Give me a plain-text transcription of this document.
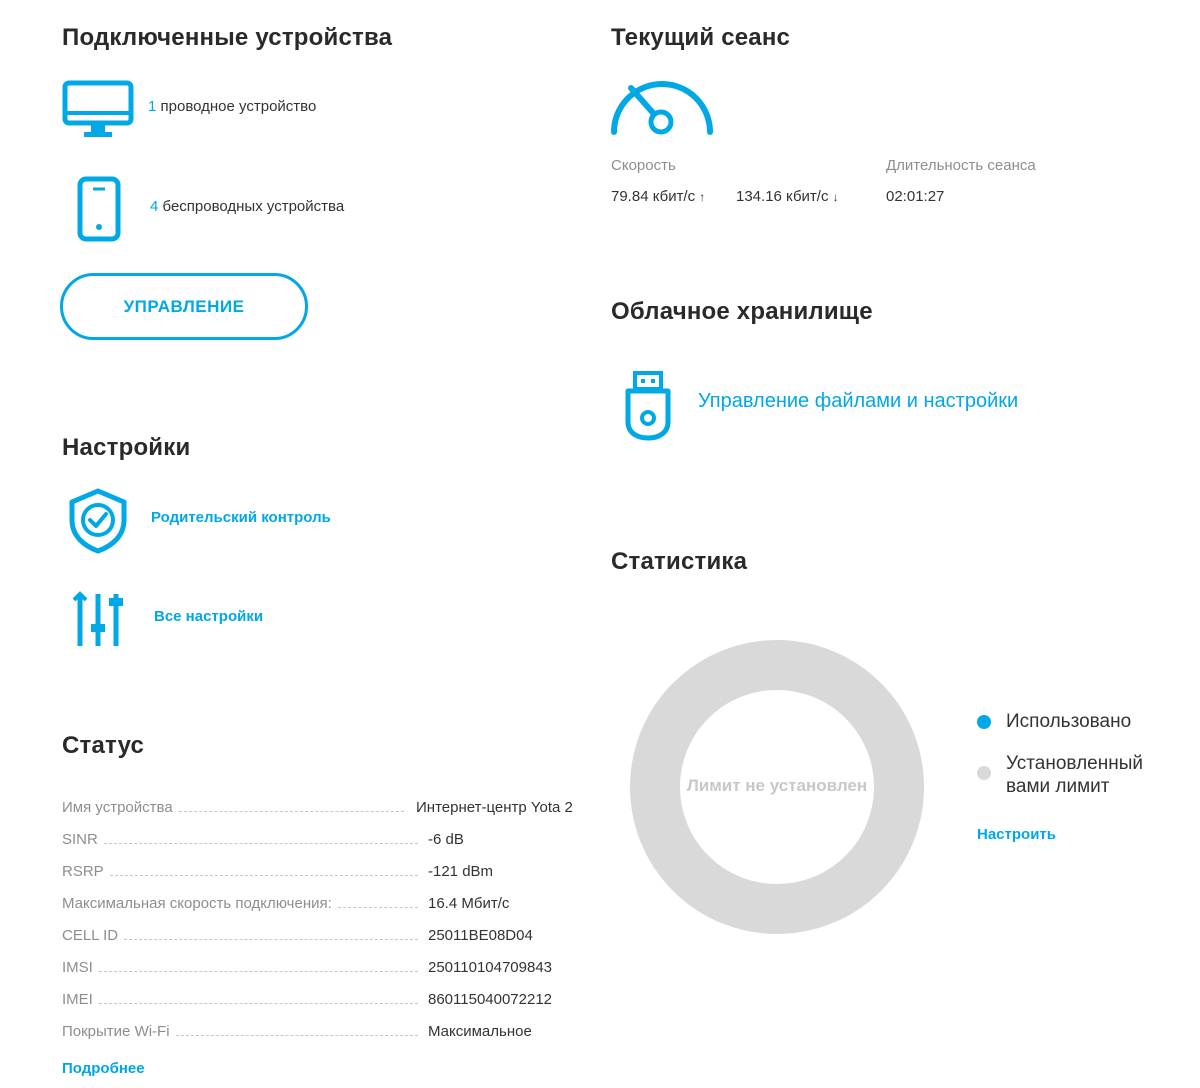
Подключенные устройства
1 проводное устройство
4 беспроводных устройства
УПРАВЛЕНИЕ
Настройки
Родительский контроль
Все настройки
Статус
Имя устройства	Интернет-центр Yota 2
SINR	-6 dB
RSRP	-121 dBm
Максимальная скорость подключения:	16.4 Мбит/с
CELL ID	25011BE08D04
IMSI	250110104709843
IMEI	860115040072212
Покрытие Wi-Fi	Максимальное
Подробнее
Текущий сеанс
Скорость
79.84 кбит/с ↑ 134.16 кбит/с ↓
Длительность сеанса
02:01:27
Облачное хранилище
Управление файлами и настройки
Статистика
Лимит не установлен
Использовано
Установленный
вами лимит
Настроить
